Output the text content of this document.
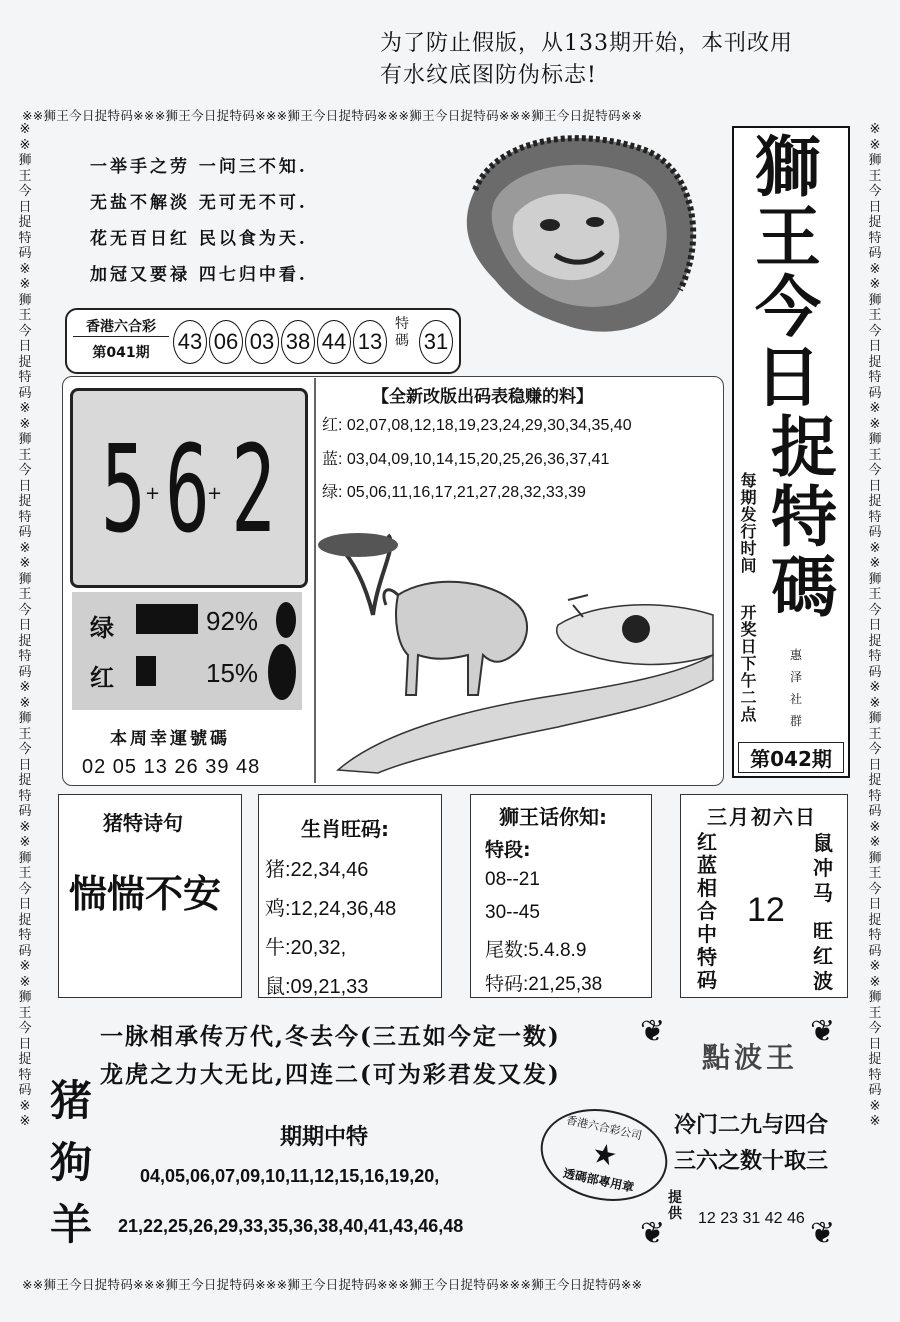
为了防止假版，从133期开始，本刊改用
有水纹底图防伪标志!
※※狮王今日捉特码※※※狮王今日捉特码※※※狮王今日捉特码※※※狮王今日捉特码※※※狮王今日捉特码※※
※※狮王今日捉特码※※※狮王今日捉特码※※※狮王今日捉特码※※※狮王今日捉特码※※※狮王今日捉特码※※
※※狮王今日捉特码※※狮王今日捉特码※※狮王今日捉特码※※狮王今日捉特码※※狮王今日捉特码※※狮王今日捉特码※※狮王今日捉特码※※
※※狮王今日捉特码※※狮王今日捉特码※※狮王今日捉特码※※狮王今日捉特码※※狮王今日捉特码※※狮王今日捉特码※※狮王今日捉特码※※
一举手之劳 一问三不知.
无盐不解淡 无可无不可.
花无百日红 民以食为天.
加冠又要禄 四七归中看.
香港六合彩
第041期	43 06 03 38 44 13
特碼 31
5 + 6
+ 2
绿	92%
红	15%
本周幸運號碼
02 05 13 26 39 48
【全新改版出码表稳赚的料】
红: 02,07,08,12,18,19,23,24,29,30,34,35,40
蓝: 03,04,09,10,14,15,20,25,26,36,37,41
绿: 05,06,11,16,17,21,27,28,32,33,39
獅
王
今
日
捉
特
碼
每期发行时间
开奖日下午二点	惠泽社群
第042期
猪特诗句
惴惴不安
生肖旺码:
猪:22,34,46
鸡:12,24,36,48
牛:20,32,
鼠:09,21,33
狮王话你知:
特段:
08--21
30--45
尾数:5.4.8.9
特码:21,25,38
三月初六日
红蓝相合中特码
12
鼠冲马
旺红波
一脉相承传万代,冬去今(三五如今定一数)
龙虎之力大无比,四连二(可为彩君发又发)
猪
狗
羊
期期中特
04,05,06,07,09,10,11,12,15,16,19,20,
21,22,25,26,29,33,35,36,38,40,41,43,46,48
香港六合彩公司
★
透碼部專用章
❦	❦
點波王
冷门二九与四合
三六之数十取三
提供 12 23 31 42 46
❦	❦
